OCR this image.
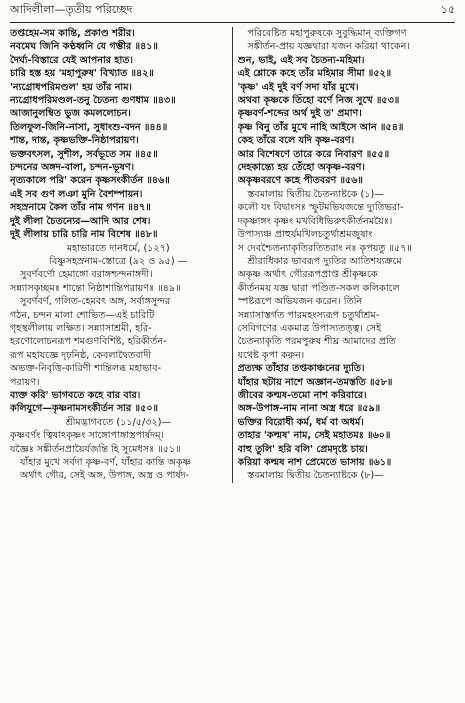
আদিলীলা—তৃতীয় পরিচ্ছেদ	১৫
তপ্তহেম-সম কান্তি, প্রকাণ্ড শরীর।
নবমেঘ জিনি কণ্ঠধ্বনি যে গম্ভীর ॥৪১॥
দৈর্ঘ্য-বিস্তারে যেই আপনার হাত।
চারি হস্ত হয় 'মহাপুরুষ' বিখ্যাত ॥৪২॥
'ন্যগ্রোধপরিমণ্ডল' হয় তাঁর নাম।
ন্যগ্রোধপরিমণ্ডল-তনু চৈতন্য গুণধাম ॥৪৩॥
আজানুলম্বিত ভুজ কমললোচন।
তিলফুল-জিনি-নাসা, সুধাংশু-বদন ॥৪৪॥
শান্ত, দান্ত, কৃষ্ণভক্তি-নিষ্ঠাপরায়ণ।
ভক্তবৎসল, সুশীল, সর্বভূতে সম ॥৪৫॥
চন্দনের অঙ্গদ-বালা, চন্দন-ভূষণ।
নৃত্যকালে পরি' করেন কৃষ্ণসংকীর্তন ॥৪৬॥
এই সব গুণ লঞা মুনি বৈশম্পায়ন।
সহস্রনামে কৈল তাঁর নাম গণন ॥৪৭॥
দুই লীলা চৈতন্যের—আদি আর শেষ।
দুই লীলায় চারি চারি নাম বিশেষ ॥৪৮॥
মহাভারতে দানধর্মে, (১২৭)
বিষ্ণুসহস্রনাম-স্তোত্রে (৯২ ও ৯৫) —
সুবর্ণবর্ণো হেমাঙ্গো বরাঙ্গশ্চন্দনাঙ্গদী।
সন্ন্যাসকৃচ্ছমঃ শান্তো নিষ্ঠাশান্তিপরায়ণঃ ॥৪৯॥
সুবর্ণবর্ণ, গলিত-হেমবৎ অঙ্গ, সর্বাঙ্গসুন্দর
গঠন, চন্দন মালা শোভিত—এই চারিটি
গৃহস্থলীলায় লক্ষিত। সন্ন্যাসাশ্রমী, হরি-
হরণোলোচনরূপ শমগুণবিশিষ্ট, হরিকীর্তন-
রূপ মহাযজ্ঞে দৃঢ়নিষ্ঠ, কেবলাদ্বৈতবাদী
অভক্ত-নিবৃত্তি-কারিণী শান্তিলব্ধ মহাভাব-
পরায়ণ।
ব্যক্ত করি' ভাগবতে কহে বার বার।
কলিযুগে—কৃষ্ণনামসংকীর্তন সার ॥৫০॥
শ্রীমদ্ভাগবতে (১১/৫/৩২)—
কৃষ্ণবর্ণং ত্বিষাঽকৃষ্ণং সাঙ্গোপাঙ্গাস্ত্রপার্ষদম্।
যজ্ঞৈঃ সঙ্কীর্তনপ্রায়ৈর্যজন্তি হি সুমেধসঃ ॥৫১॥
যাঁহার মুখে সর্বদা কৃষ্ণ-বর্ণ, যাঁহার কান্তি অকৃষ্ণ
অর্থাৎ গৌর, সেই অঙ্গ, উপাঙ্গ, অস্ত্র ও পার্ষদ-
পরিবেষ্টিত মহাপুরুষকে সুবুদ্ধিমান্ ব্যক্তিগণ
সঙ্কীর্তন-প্রায় যজ্ঞদ্বারা যজন করিয়া থাকেন।
শুন, ভাই, এই সব চৈতন্য-মহিমা।
এই শ্লোকে কহে তাঁর মহিমার সীমা ॥৫২॥
'কৃষ্ণ' এই দুই বর্ণ সদা যাঁর মুখে।
অথবা কৃষ্ণকে তিঁহো বর্ণে নিজ সুখে ॥৫৩॥
কৃষ্ণবর্ণ-শব্দের অর্থ দুই ত' প্রমাণ।
কৃষ্ণ বিনু তাঁর মুখে নাহি আইসে আন ॥৫৪॥
কেহ তাঁরে বলে যদি কৃষ্ণ-বরণ।
আর বিশেষণে তারে করে নিবারণ ॥৫৫॥
দেহকান্ত্যে হয় তেঁহো অকৃষ্ণ-বরণ।
অকৃষ্ণবরণে কহে পীতবরণ ॥৫৬॥
স্তবমালায় দ্বিতীয় চৈতন্যাষ্টকে (১)—
কলৌ যং বিদ্বাংসঃ স্ফুটমভিযজন্তে দ্যুতিভরা-
দকৃষ্ণাঙ্গং কৃষ্ণং মখবিধিভিরুৎকীর্তনময়ৈঃ।
উপাস্যঞ্চ প্রাহুর্যমখিলচতুর্থাশ্রমজুষাং
স দেবশ্চৈতন্যাকৃতিরতিতরাং নঃ কৃপয়তু ॥৫৭॥
শ্রীরাধিকার ভাবরূপ দ্যুতির আতিশয্যক্রমে
অকৃষ্ণ অর্থাৎ গৌররূপপ্রাপ্ত শ্রীকৃষ্ণকে
কীর্তনময় যজ্ঞ দ্বারা পণ্ডিত-সকল কলিকালে
স্পষ্টরূপে অভিযজন করেন। তিনি
সন্ন্যাসাস্তর্গত পারমহংস্যরূপ চতুর্থাশ্রম-
সেবিগণের একমাত্র উপাস্যতত্ত্ব। সেই
চৈতন্যাকৃতি পরমপুরুষ শীঘ্র আমাদের প্রতি
যথেষ্ট কৃপা করুন।
প্রত্যক্ষ তাঁহার তপ্তকাঞ্চনের দ্যুতি।
যাঁহার ছটায় নাশে অজ্ঞান-তমস্ততি ॥৫৮॥
জীবের কল্মষ-তমো নাশ করিবারে।
অঙ্গ-উপাঙ্গ-নাম নানা অস্ত্র ধরে ॥৫৯॥
ভক্তির বিরোধী কর্ম, ধর্ম বা অধর্ম।
তাহার 'কল্মষ' নাম, সেই মহাতমঃ ॥৬০॥
বাহু তুলি' হরি বলি' প্রেমদৃষ্টে চায়।
করিয়া কল্মষ নাশ প্রেমেতে ভাসায় ॥৬১॥
স্তবমালায় দ্বিতীয় চৈতন্যাষ্টকে (৮)—
